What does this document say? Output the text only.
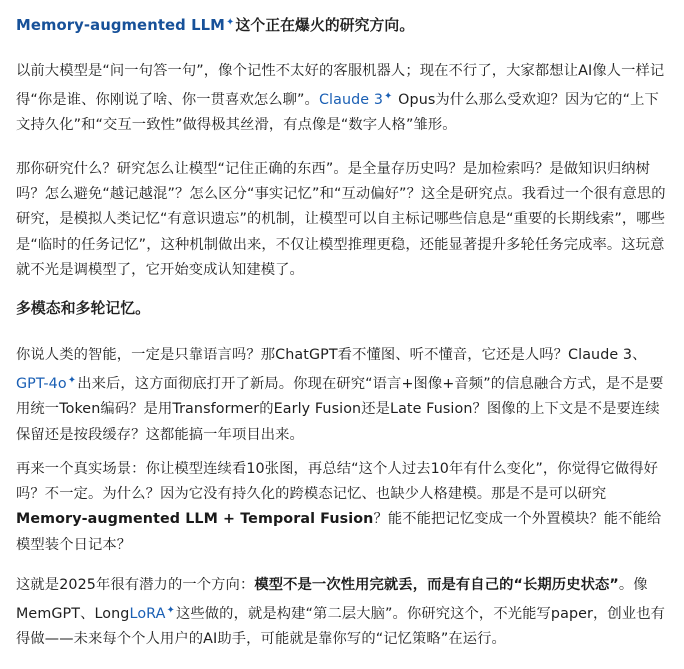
Memory-augmented LLM✦这个正在爆火的研究方向。

以前大模型是“问一句答一句”，像个记性不太好的客服机器人；现在不行了，大家都想让AI像人一样记得“你是谁、你刚说了啥、你一贯喜欢怎么聊”。Claude 3✦ Opus为什么那么受欢迎？因为它的“上下文持久化”和“交互一致性”做得极其丝滑，有点像是“数字人格”雏形。

那你研究什么？研究怎么让模型“记住正确的东西”。是全量存历史吗？是加检索吗？是做知识归纳树吗？怎么避免“越记越混”？怎么区分“事实记忆”和“互动偏好”？这全是研究点。我看过一个很有意思的研究，是模拟人类记忆“有意识遗忘”的机制，让模型可以自主标记哪些信息是“重要的长期线索”，哪些是“临时的任务记忆”，这种机制做出来，不仅让模型推理更稳，还能显著提升多轮任务完成率。这玩意就不光是调模型了，它开始变成认知建模了。

多模态和多轮记忆。

你说人类的智能，一定是只靠语言吗？那ChatGPT看不懂图、听不懂音，它还是人吗？Claude 3、GPT-4o✦出来后，这方面彻底打开了新局。你现在研究“语言+图像+音频”的信息融合方式，是不是要用统一Token编码？是用Transformer的Early Fusion还是Late Fusion？图像的上下文是不是要连续保留还是按段缓存？这都能搞一年项目出来。

再来一个真实场景：你让模型连续看10张图，再总结“这个人过去10年有什么变化”，你觉得它做得好吗？不一定。为什么？因为它没有持久化的跨模态记忆、也缺少人格建模。那是不是可以研究Memory-augmented LLM + Temporal Fusion？能不能把记忆变成一个外置模块？能不能给模型装个日记本？

这就是2025年很有潜力的一个方向：模型不是一次性用完就丢，而是有自己的“长期历史状态”。像MemGPT、LongLoRA✦这些做的，就是构建“第二层大脑”。你研究这个，不光能写paper，创业也有得做——未来每个个人用户的AI助手，可能就是靠你写的“记忆策略”在运行。
